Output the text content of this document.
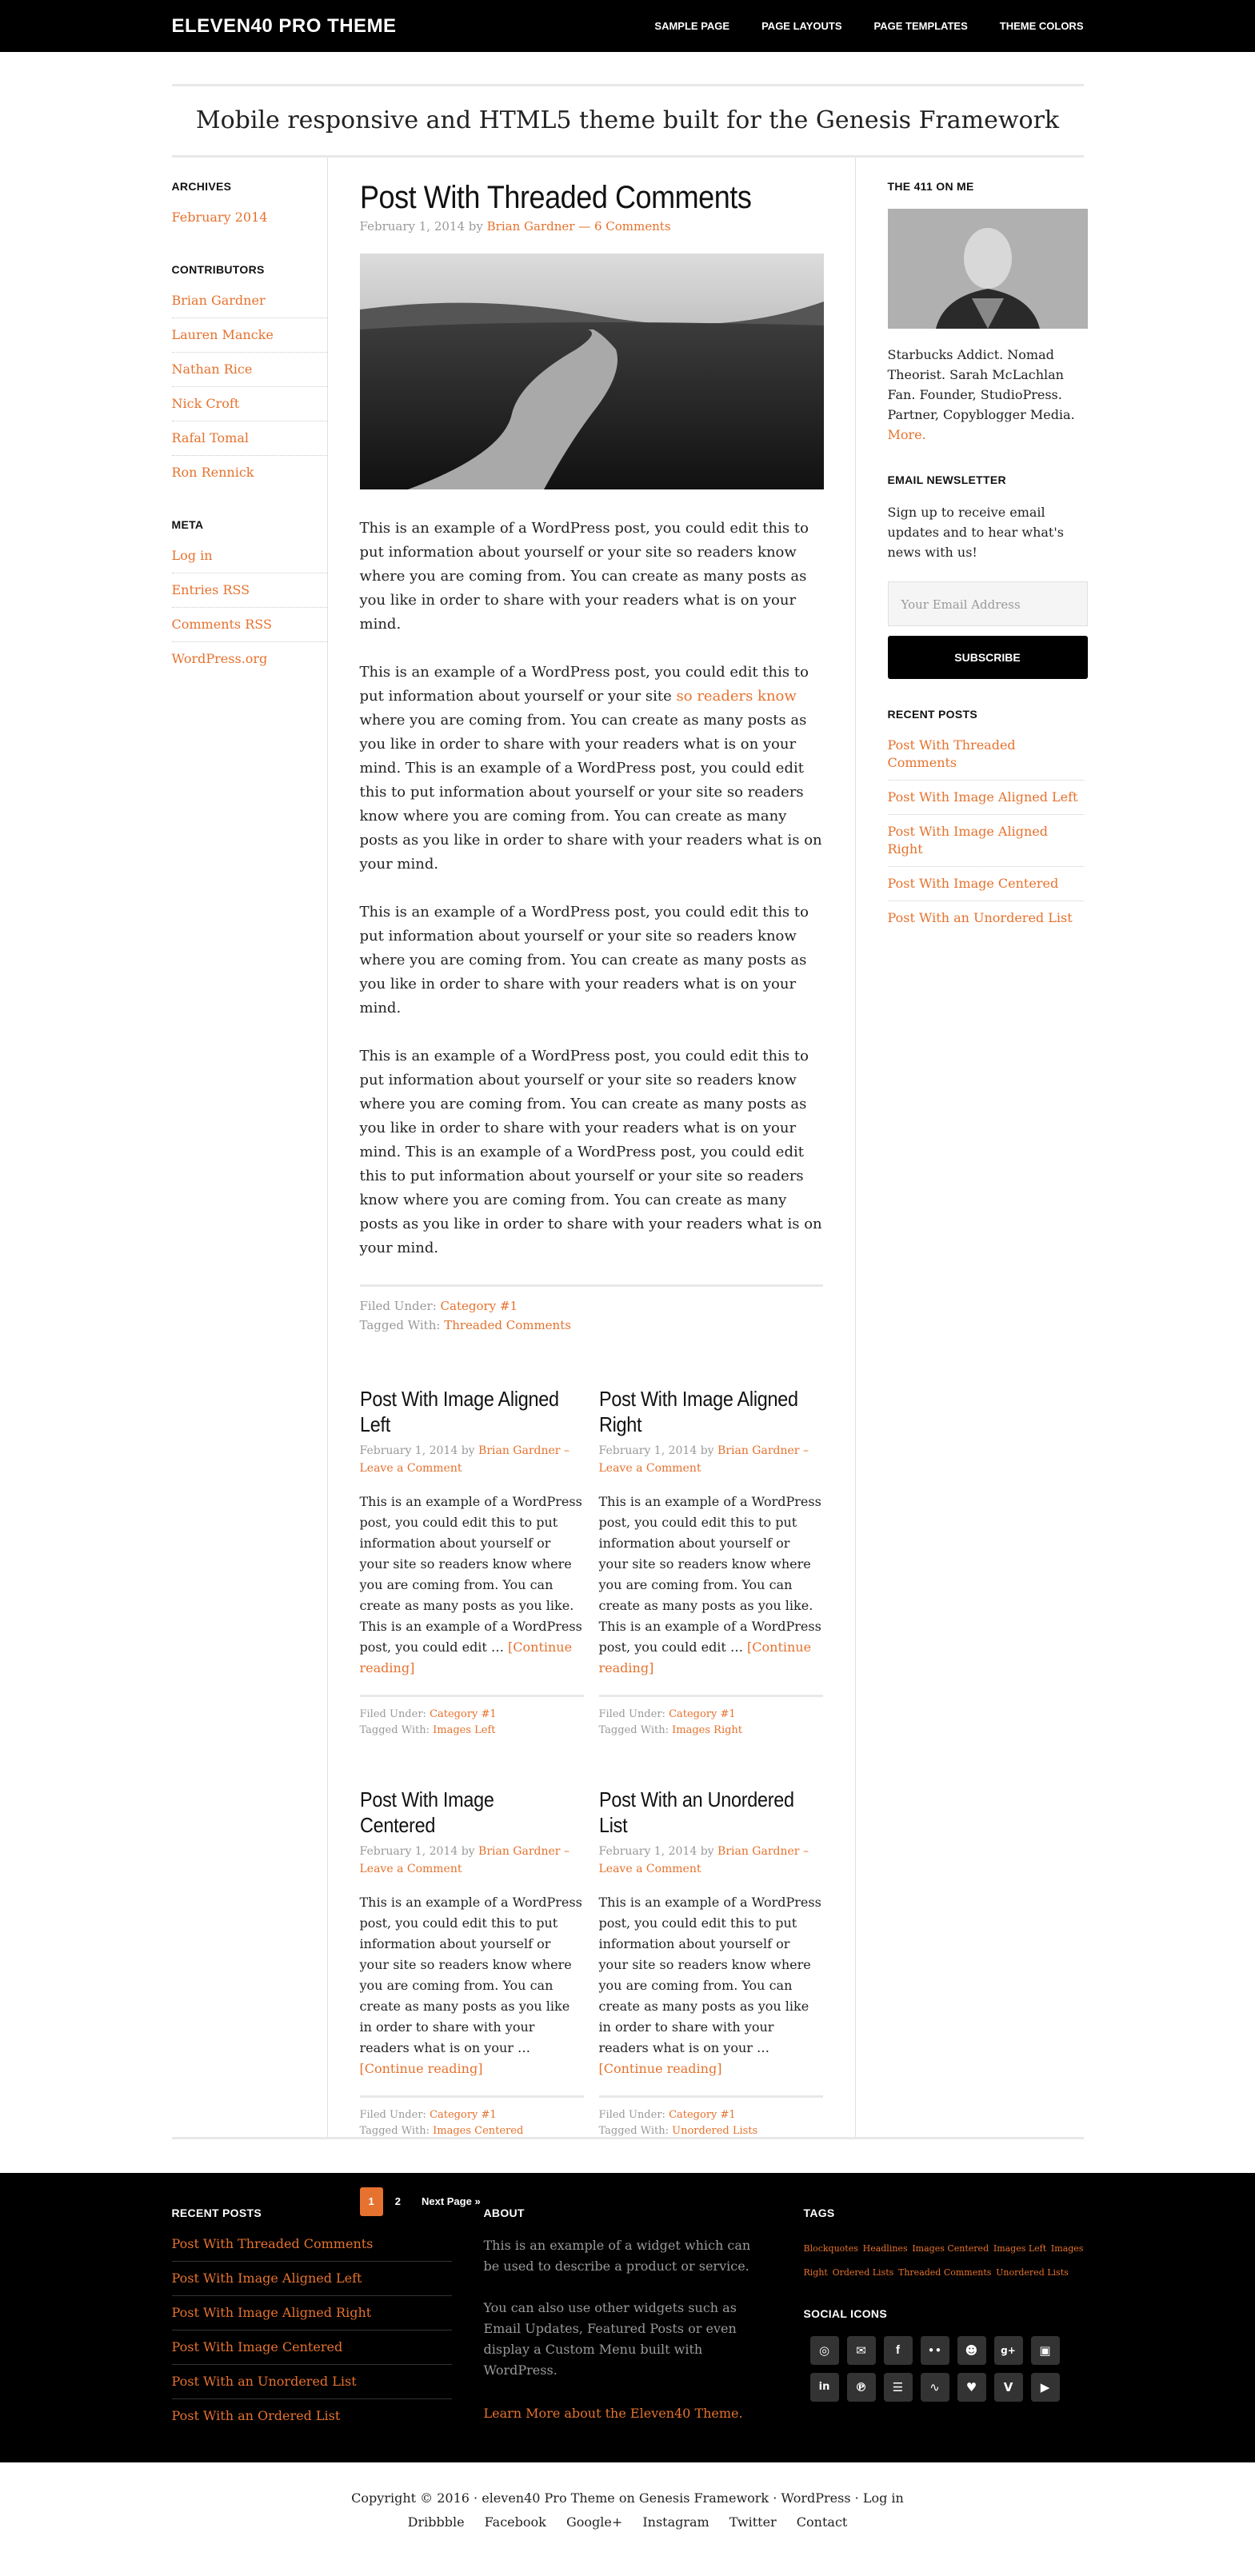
ELEVEN40 PRO THEME	SAMPLE PAGE	PAGE LAYOUTS	PAGE TEMPLATES	THEME COLORS

Mobile responsive and HTML5 theme built for the Genesis Framework

ARCHIVES
February 2014
CONTRIBUTORS
Brian Gardner
Lauren Mancke
Nathan Rice
Nick Croft
Rafal Tomal
Ron Rennick
META
Log in
Entries RSS
Comments RSS
WordPress.org
Post With Threaded Comments

February 1, 2014 by Brian Gardner — 6 Comments

This is an example of a WordPress post, you could edit this to put information about yourself or your site so readers know where you are coming from. You can create as many posts as you like in order to share with your readers what is on your mind.

This is an example of a WordPress post, you could edit this to put information about yourself or your site so readers know where you are coming from. You can create as many posts as you like in order to share with your readers what is on your mind. This is an example of a WordPress post, you could edit this to put information about yourself or your site so readers know where you are coming from. You can create as many posts as you like in order to share with your readers what is on your mind.

This is an example of a WordPress post, you could edit this to put information about yourself or your site so readers know where you are coming from. You can create as many posts as you like in order to share with your readers what is on your mind.

This is an example of a WordPress post, you could edit this to put information about yourself or your site so readers know where you are coming from. You can create as many posts as you like in order to share with your readers what is on your mind. This is an example of a WordPress post, you could edit this to put information about yourself or your site so readers know where you are coming from. You can create as many posts as you like in order to share with your readers what is on your mind.

Filed Under: Category #1
Tagged With: Threaded Comments
Post With Image Aligned Left

February 1, 2014 by Brian Gardner – Leave a Comment

This is an example of a WordPress post, you could edit this to put information about yourself or your site so readers know where you are coming from. You can create as many posts as you like. This is an example of a WordPress post, you could edit … [Continue reading]

Filed Under: Category #1
Tagged With: Images Left
Post With Image Aligned Right

February 1, 2014 by Brian Gardner – Leave a Comment

This is an example of a WordPress post, you could edit this to put information about yourself or your site so readers know where you are coming from. You can create as many posts as you like. This is an example of a WordPress post, you could edit … [Continue reading]

Filed Under: Category #1
Tagged With: Images Right
Post With Image Centered

February 1, 2014 by Brian Gardner – Leave a Comment

This is an example of a WordPress post, you could edit this to put information about yourself or your site so readers know where you are coming from. You can create as many posts as you like in order to share with your readers what is on your … [Continue reading]

Filed Under: Category #1
Tagged With: Images Centered
Post With an Unordered List

February 1, 2014 by Brian Gardner – Leave a Comment

This is an example of a WordPress post, you could edit this to put information about yourself or your site so readers know where you are coming from. You can create as many posts as you like in order to share with your readers what is on your … [Continue reading]

Filed Under: Category #1
Tagged With: Unordered Lists
1	2	Next Page »
THE 411 ON ME

Starbucks Addict. Nomad Theorist. Sarah McLachlan Fan. Founder, StudioPress. Partner, Copyblogger Media. More.

EMAIL NEWSLETTER

Sign up to receive email updates and to hear what's news with us!

Your Email Address
SUBSCRIBE
RECENT POSTS
Post With Threaded Comments
Post With Image Aligned Left
Post With Image Aligned Right
Post With Image Centered
Post With an Unordered List
RECENT POSTS
Post With Threaded Comments
Post With Image Aligned Left
Post With Image Aligned Right
Post With Image Centered
Post With an Unordered List
Post With an Ordered List
ABOUT

This is an example of a widget which can be used to describe a product or service.

You can also use other widgets such as Email Updates, Featured Posts or even display a Custom Menu built with WordPress.

Learn More about the Eleven40 Theme.
TAGS
Blockquotes Headlines Images Centered Images Left Images Right Ordered Lists Threaded Comments Unordered Lists
SOCIAL ICONS
◎	✉	f	••	☻	g+	▣
in	℗	☰	∿	♥	V	▶

Copyright © 2016 · eleven40 Pro Theme on Genesis Framework · WordPress · Log in

Dribbble Facebook Google+ Instagram Twitter Contact
